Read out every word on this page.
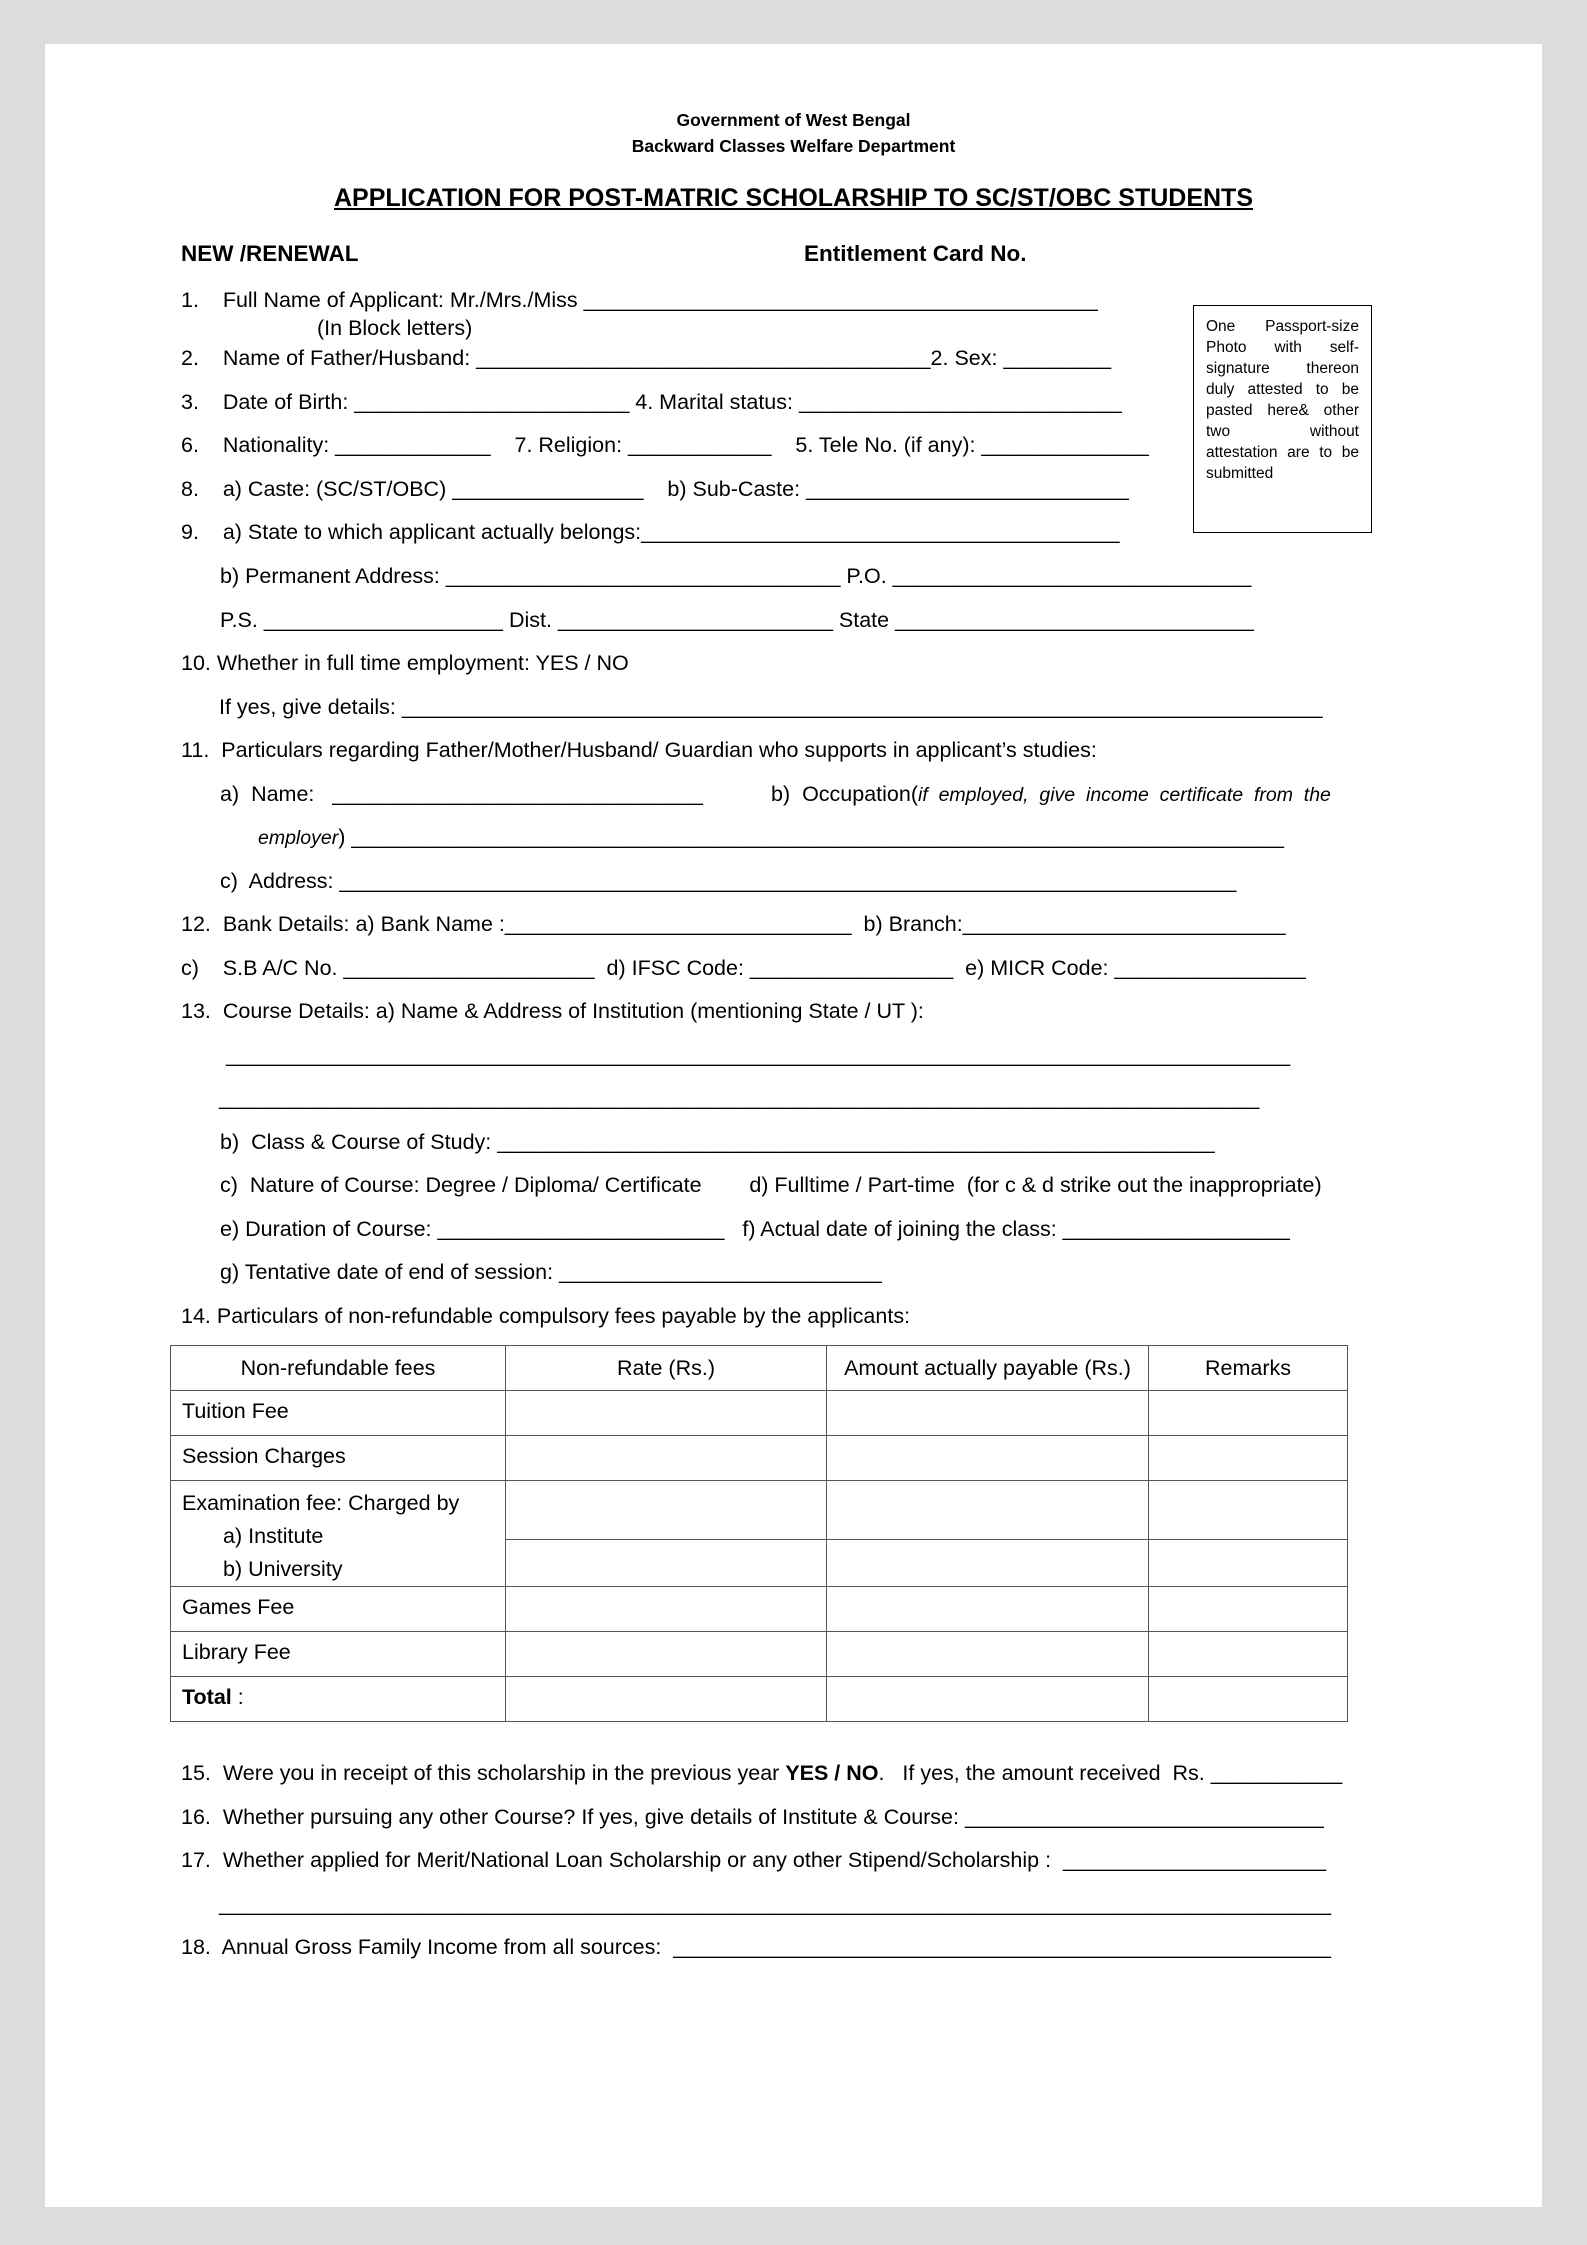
Government of West Bengal
Backward Classes Welfare Department
APPLICATION FOR POST-MATRIC SCHOLARSHIP TO SC/ST/OBC STUDENTS
NEW /RENEWAL	Entitlement Card No.
One Passport-size Photo with self-signature thereon duly attested to be pasted here& other two without attestation are to be submitted
1.    Full Name of Applicant: Mr./Mrs./Miss ___________________________________________
(In Block letters)
2.    Name of Father/Husband: ______________________________________2. Sex: _________
3.    Date of Birth: _______________________ 4. Marital status: ___________________________
6.    Nationality: _____________    7. Religion: ____________    5. Tele No. (if any): ______________
8.    a) Caste: (SC/ST/OBC) ________________    b) Sub-Caste: ___________________________
9.    a) State to which applicant actually belongs:________________________________________
b) Permanent Address: _________________________________ P.O. ______________________________
P.S. ____________________ Dist. _______________________ State ______________________________
10. Whether in full time employment: YES / NO
If yes, give details: _____________________________________________________________________________
11.  Particulars regarding Father/Mother/Husband/ Guardian who supports in applicant’s studies:
a)  Name:   _______________________________	b)  Occupation(if  employed,  give  income  certificate  from  the
employer) ______________________________________________________________________________
c)  Address: ___________________________________________________________________________
12.  Bank Details: a) Bank Name :_____________________________  b) Branch:___________________________
c)    S.B A/C No. _____________________  d) IFSC Code: _________________  e) MICR Code: ________________
13.  Course Details: a) Name & Address of Institution (mentioning State / UT ):
_________________________________________________________________________________________
_______________________________________________________________________________________
b)  Class & Course of Study: ____________________________________________________________
c)  Nature of Course: Degree / Diploma/ Certificate        d) Fulltime / Part-time  (for c & d strike out the inappropriate)
e) Duration of Course: ________________________   f) Actual date of joining the class: ___________________
g) Tentative date of end of session: ___________________________
14. Particulars of non-refundable compulsory fees payable by the applicants:
Non-refundable fees	Rate (Rs.)	Amount actually payable (Rs.)	Remarks
Tuition Fee			
Session Charges			

Examination fee: Charged by
a) Institute
b) University			

Games Fee			
Library Fee			
Total :			
15.  Were you in receipt of this scholarship in the previous year YES / NO.   If yes, the amount received  Rs. ___________
16.  Whether pursuing any other Course? If yes, give details of Institute & Course: ______________________________
17.  Whether applied for Merit/National Loan Scholarship or any other Stipend/Scholarship :  ______________________
_____________________________________________________________________________________________
18.  Annual Gross Family Income from all sources:  _______________________________________________________
